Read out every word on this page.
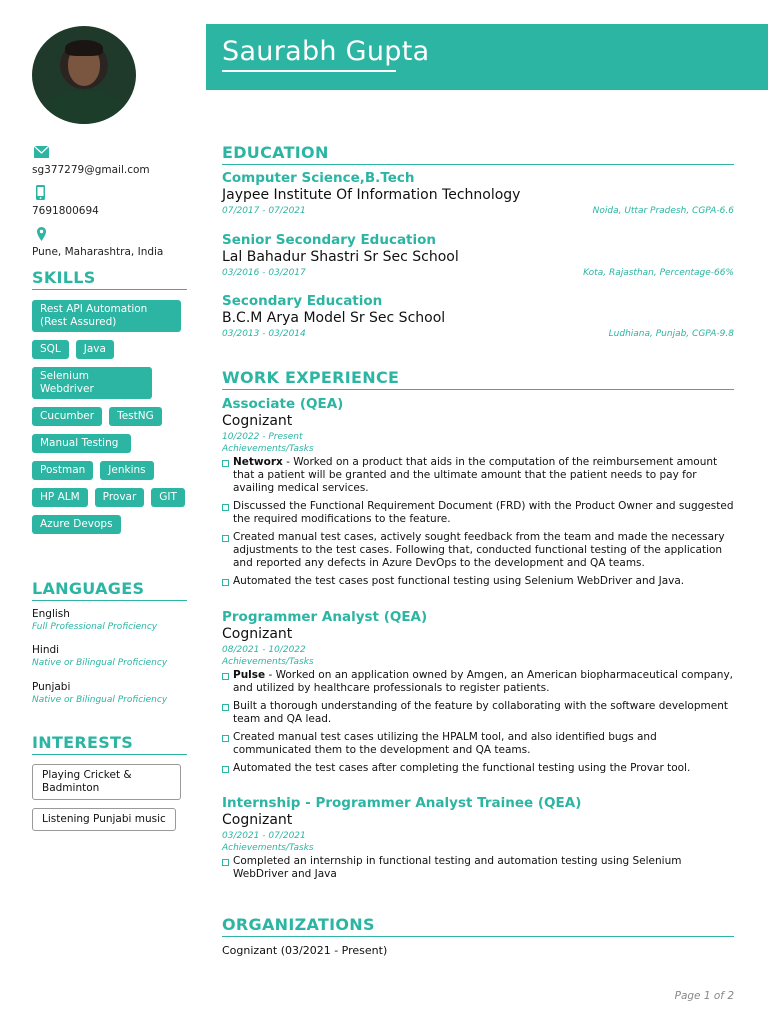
sg377279@gmail.com
7691800694
Pune, Maharashtra, India
SKILLS
Rest API Automation (Rest Assured)
SQL	Java
Selenium Webdriver
Cucumber	TestNG
Manual Testing
Postman	Jenkins
HP ALM	Provar	GIT
Azure Devops
LANGUAGES
English
Full Professional Proficiency
Hindi
Native or Bilingual Proficiency
Punjabi
Native or Bilingual Proficiency
INTERESTS
Playing Cricket & Badminton
Listening Punjabi music
Saurabh Gupta
EDUCATION
Computer Science,B.Tech
Jaypee Institute Of Information Technology
07/2017 - 07/2021	Noida, Uttar Pradesh, CGPA-6.6
Senior Secondary Education
Lal Bahadur Shastri Sr Sec School
03/2016 - 03/2017	Kota, Rajasthan, Percentage-66%
Secondary Education
B.C.M Arya Model Sr Sec School
03/2013 - 03/2014	Ludhiana, Punjab, CGPA-9.8
WORK EXPERIENCE
Associate (QEA)
Cognizant
10/2022 - Present
Achievements/Tasks
Networx - Worked on a product that aids in the computation of the reimbursement amount that a patient will be granted and the ultimate amount that the patient needs to pay for availing medical services.
Discussed the Functional Requirement Document (FRD) with the Product Owner and suggested the required modifications to the feature.
Created manual test cases, actively sought feedback from the team and made the necessary adjustments to the test cases. Following that, conducted functional testing of the application and reported any defects in Azure DevOps to the development and QA teams.
Automated the test cases post functional testing using Selenium WebDriver and Java.
Programmer Analyst (QEA)
Cognizant
08/2021 - 10/2022
Achievements/Tasks
Pulse - Worked on an application owned by Amgen, an American biopharmaceutical company, and utilized by healthcare professionals to register patients.
Built a thorough understanding of the feature by collaborating with the software development team and QA lead.
Created manual test cases utilizing the HPALM tool, and also identified bugs and communicated them to the development and QA teams.
Automated the test cases after completing the functional testing using the Provar tool.
Internship - Programmer Analyst Trainee (QEA)
Cognizant
03/2021 - 07/2021
Achievements/Tasks
Completed an internship in functional testing and automation testing using Selenium WebDriver and Java
ORGANIZATIONS
Cognizant (03/2021 - Present)
Page 1 of 2
